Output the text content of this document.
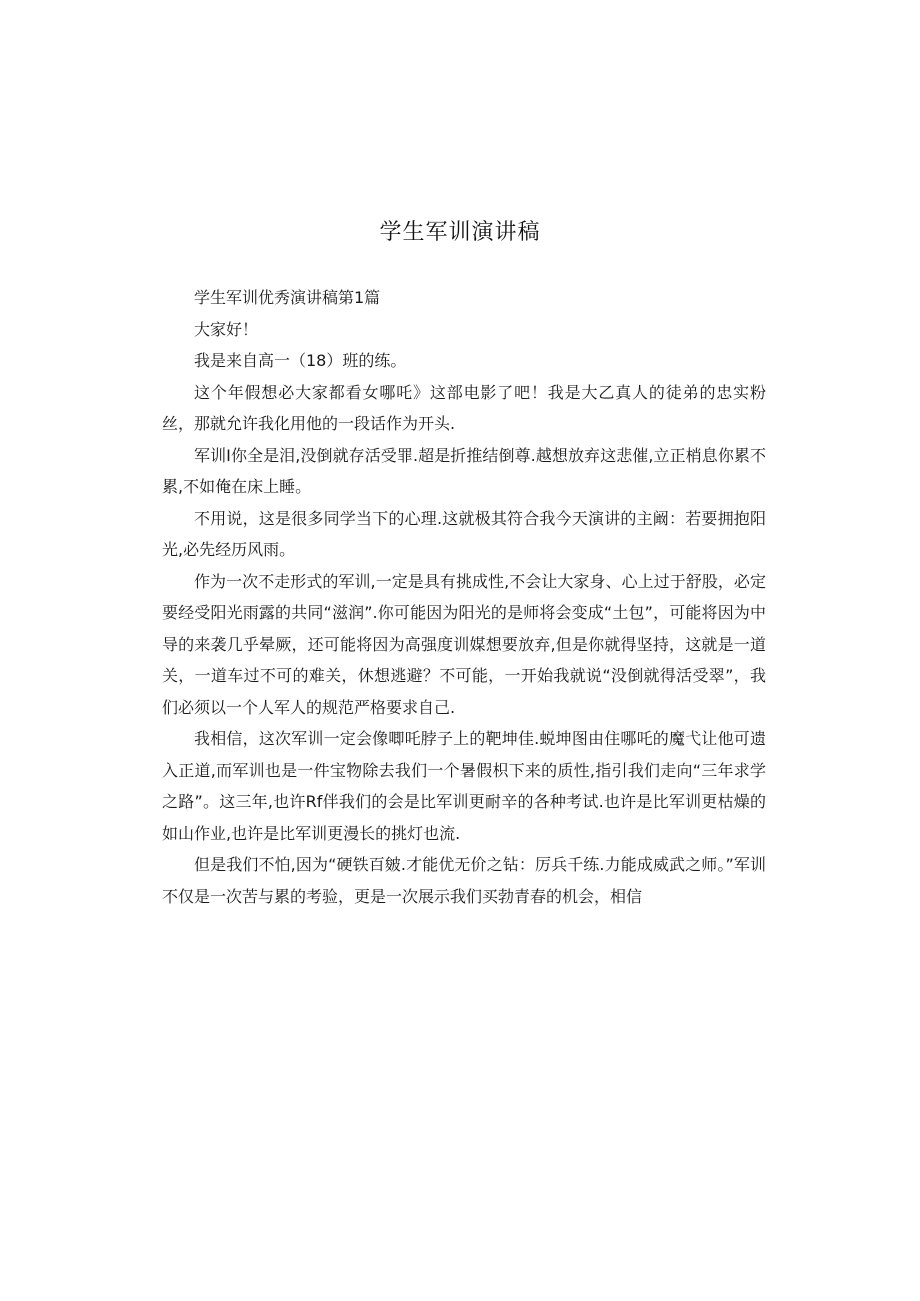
学生军训演讲稿

学生军训优秀演讲稿第1篇

大家好！

我是来自高一（18）班的练。

这个年假想必大家都看女哪吒》这部电影了吧！我是大乙真人的徒弟的忠实粉丝，那就允许我化用他的一段话作为开头.

军训I你全是泪,没倒就存活受罪.超是折推结倒尊.越想放弃这悲催,立正梢息你累不累,不如俺在床上睡。

不用说，这是很多同学当下的心理.这就极其符合我今天演讲的主阚：若要拥抱阳光,必先经历风雨。

作为一次不走形式的军训,一定是具有挑成性,不会让大家身、心上过于舒股，必定要经受阳光雨露的共同“滋润”.你可能因为阳光的是师将会变成“土包”，可能将因为中导的来袭几乎晕厥，还可能将因为高强度训媒想要放弃,但是你就得坚持，这就是一道关，一道车过不可的难关，休想逃避？不可能，一开始我就说“没倒就得活受翠”，我们必须以一个人军人的规范严格要求自己.

我相信，这次军训一定会像唧吒脖子上的靶坤佳.蜕坤图由住哪吒的魔弋让他可遗入正道,而军训也是一件宝物除去我们一个暑假枳下来的质性,指引我们走向“三年求学之路”。这三年,也许Rf伴我们的会是比军训更耐辛的各种考试.也许是比军训更枯燥的如山作业,也许是比军训更漫长的挑灯也流.

但是我们不怕,因为“硬铁百皴.才能优无价之钻：厉兵千练.力能成威武之师。”军训不仅是一次苦与累的考验，更是一次展示我们买勃青春的机会，相信
